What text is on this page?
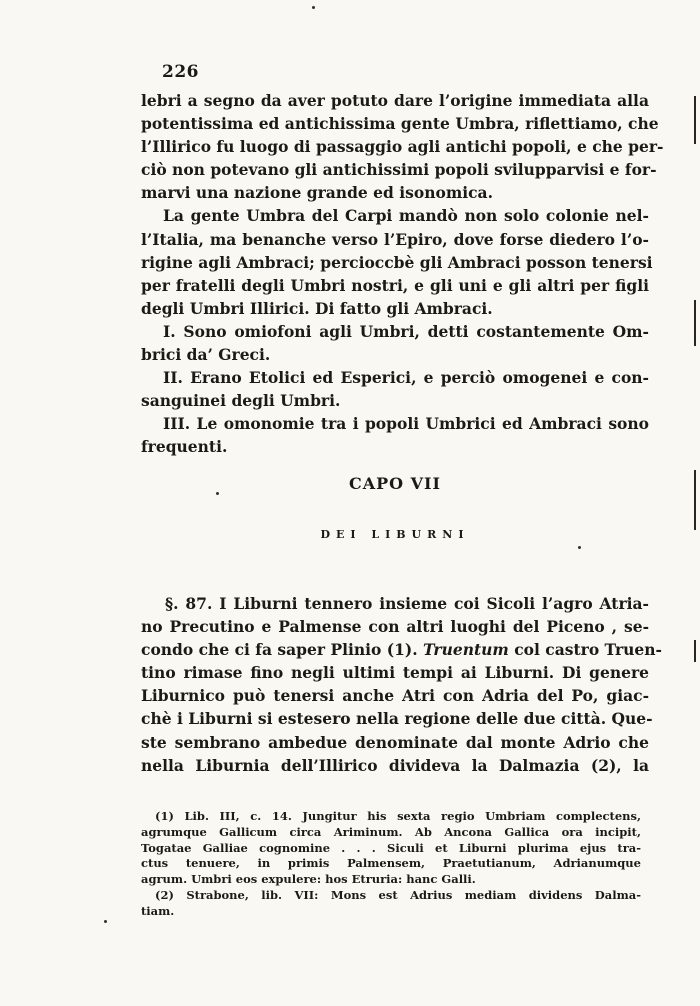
226
lebri a segno da aver potuto dare l’origine immediata alla
potentissima ed antichissima gente Umbra, riflettiamo, che
l’Illirico fu luogo di passaggio agli antichi popoli, e che per-
ciò non potevano gli antichissimi popoli svilupparvisi e for-
marvi una nazione grande ed isonomica.
La gente Umbra del Carpi mandò non solo colonie nel-
l’Italia, ma benanche verso l’Epiro, dove forse diedero l’o-
rigine agli Ambraci; percioccbè gli Ambraci posson tenersi
per fratelli degli Umbri nostri, e gli uni e gli altri per figli
degli Umbri Illirici. Di fatto gli Ambraci.
I. Sono omiofoni agli Umbri, detti costantemente Om-
brici da’ Greci.
II. Erano Etolici ed Esperici, e perciò omogenei e con-
sanguinei degli Umbri.
III. Le omonomie tra i popoli Umbrici ed Ambraci sono
frequenti.
CAPO VII
DEI LIBURNI
§. 87. I Liburni tennero insieme coi Sicoli l’agro Atria-
no Precutino e Palmense con altri luoghi del Piceno , se-
condo che ci fa saper Plinio (1). Truentum col castro Truen-
tino rimase fino negli ultimi tempi ai Liburni. Di genere
Liburnico può tenersi anche Atri con Adria del Po, giac-
chè i Liburni si estesero nella regione delle due città. Que-
ste sembrano ambedue denominate dal monte Adrio che
nella Liburnia dell’Illirico divideva la Dalmazia (2), la
(1) Lib. III, c. 14. Jungitur his sexta regio Umbriam complectens,
agrumque Gallicum circa Ariminum. Ab Ancona Gallica ora incipit,
Togatae Galliae cognomine . . . Siculi et Liburni plurima ejus tra-
ctus tenuere, in primis Palmensem, Praetutianum, Adrianumque
agrum. Umbri eos expulere: hos Etruria: hanc Galli.
(2) Strabone, lib. VII: Mons est Adrius mediam dividens Dalma-
tiam.
